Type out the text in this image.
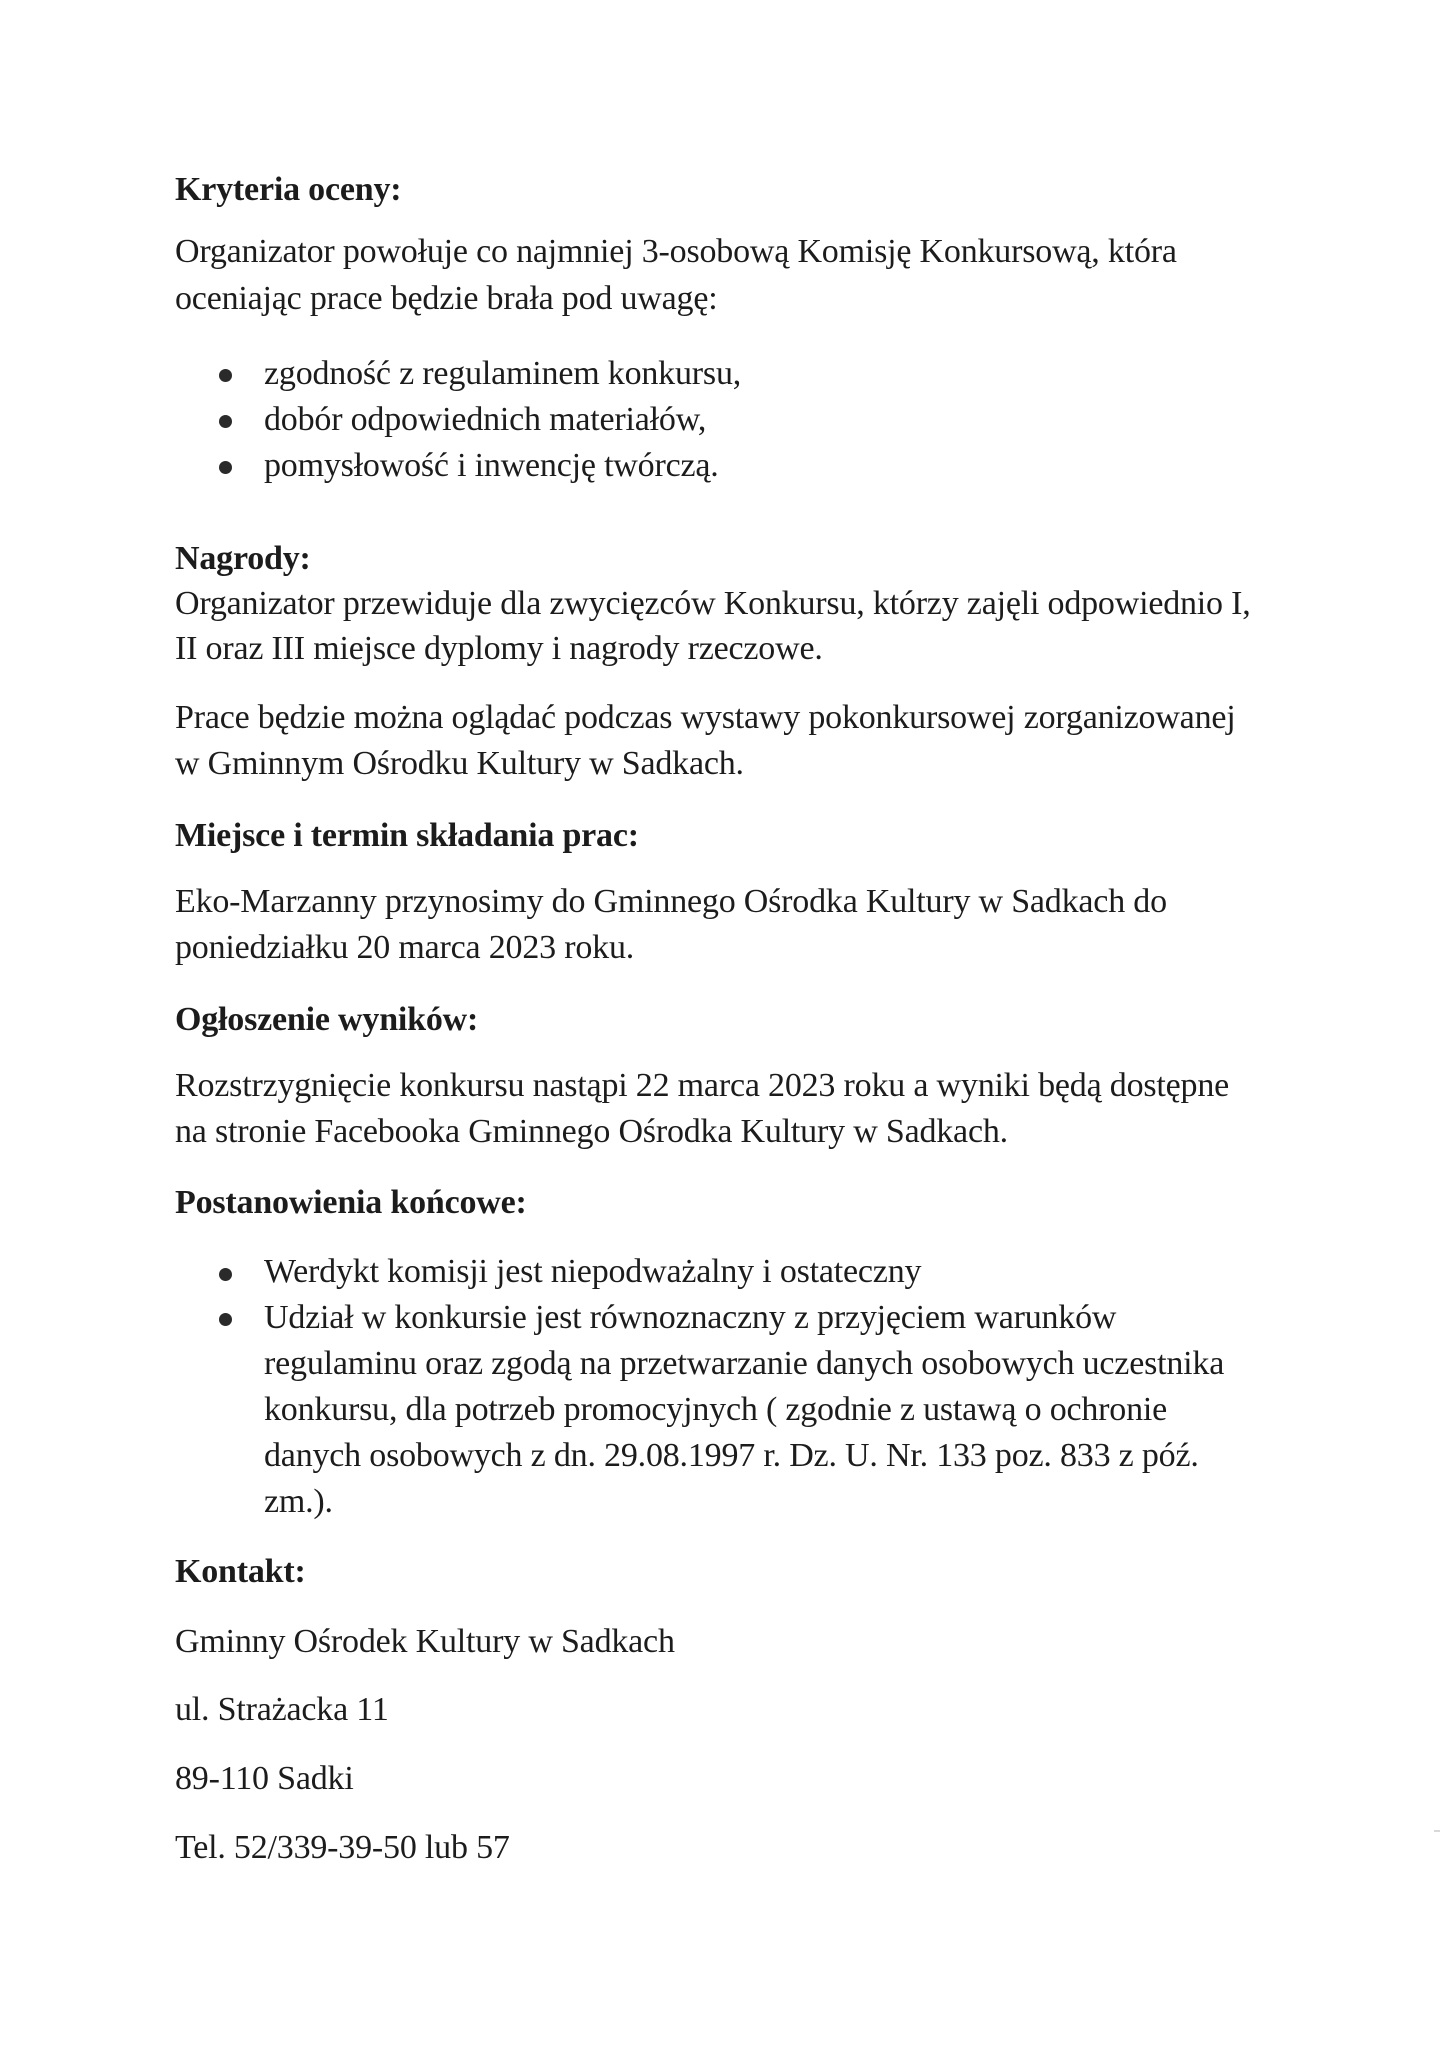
Kryteria oceny:
Organizator powołuje co najmniej 3-osobową Komisję Konkursową, która
oceniając prace będzie brała pod uwagę:
zgodność z regulaminem konkursu,
dobór odpowiednich materiałów,
pomysłowość i inwencję twórczą.
Nagrody:
Organizator przewiduje dla zwycięzców Konkursu, którzy zajęli odpowiednio I,
II oraz III miejsce dyplomy i nagrody rzeczowe.
Prace będzie można oglądać podczas wystawy pokonkursowej zorganizowanej
w Gminnym Ośrodku Kultury w Sadkach.
Miejsce i termin składania prac:
Eko-Marzanny przynosimy do Gminnego Ośrodka Kultury w Sadkach do
poniedziałku 20 marca 2023 roku.
Ogłoszenie wyników:
Rozstrzygnięcie konkursu nastąpi 22 marca 2023 roku a wyniki będą dostępne
na stronie Facebooka Gminnego Ośrodka Kultury w Sadkach.
Postanowienia końcowe:
Werdykt komisji jest niepodważalny i ostateczny
Udział w konkursie jest równoznaczny z przyjęciem warunków
regulaminu oraz zgodą na przetwarzanie danych osobowych uczestnika
konkursu, dla potrzeb promocyjnych ( zgodnie z ustawą o ochronie
danych osobowych z dn. 29.08.1997 r. Dz. U. Nr. 133 poz. 833 z póź.
zm.).
Kontakt:
Gminny Ośrodek Kultury w Sadkach
ul. Strażacka 11
89-110 Sadki
Tel. 52/339-39-50 lub 57
